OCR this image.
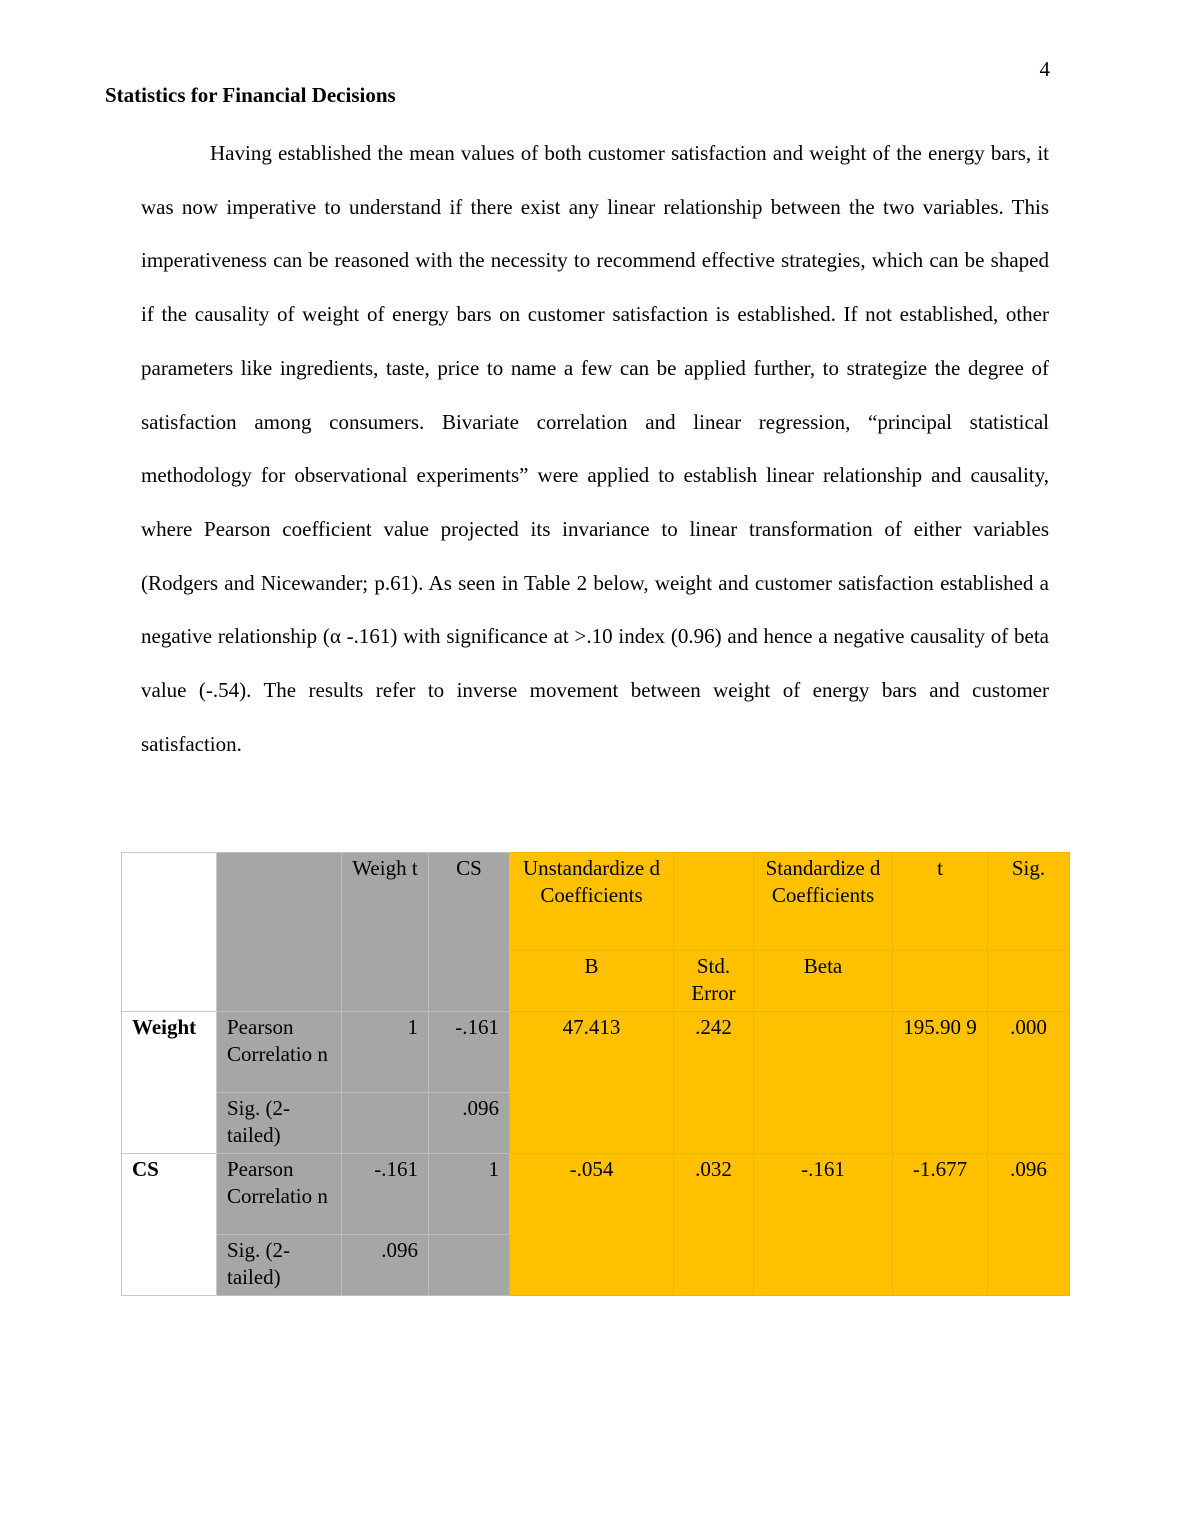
4
Statistics for Financial Decisions

Having established the mean values of both customer satisfaction and weight of the energy bars, it was now imperative to understand if there exist any linear relationship between the two variables. This imperativeness can be reasoned with the necessity to recommend effective strategies, which can be shaped if the causality of weight of energy bars on customer satisfaction is established. If not established, other parameters like ingredients, taste, price to name a few can be applied further, to strategize the degree of satisfaction among consumers. Bivariate correlation and linear regression, “principal statistical methodology for observational experiments” were applied to establish linear relationship and causality, where Pearson coefficient value projected its invariance to linear transformation of either variables (Rodgers and Nicewander; p.61). As seen in Table 2 below, weight and customer satisfaction established a negative relationship (α -.161) with significance at >.10 index (0.96) and hence a negative causality of beta value (-.54). The results refer to inverse movement between weight of energy bars and customer satisfaction.

		Weigh t	CS	Unstandardize d Coefficients		Standardize d Coefficients	t	Sig.
				B	Std. Error	Beta		
Weight	Pearson Correlatio n	1	-.161	47.413	.242		195.90 9	.000
	Sig. (2- tailed)		.096					
CS	Pearson Correlatio n	-.161	1	-.054	.032	-.161	-1.677	.096
	Sig. (2- tailed)	.096						
